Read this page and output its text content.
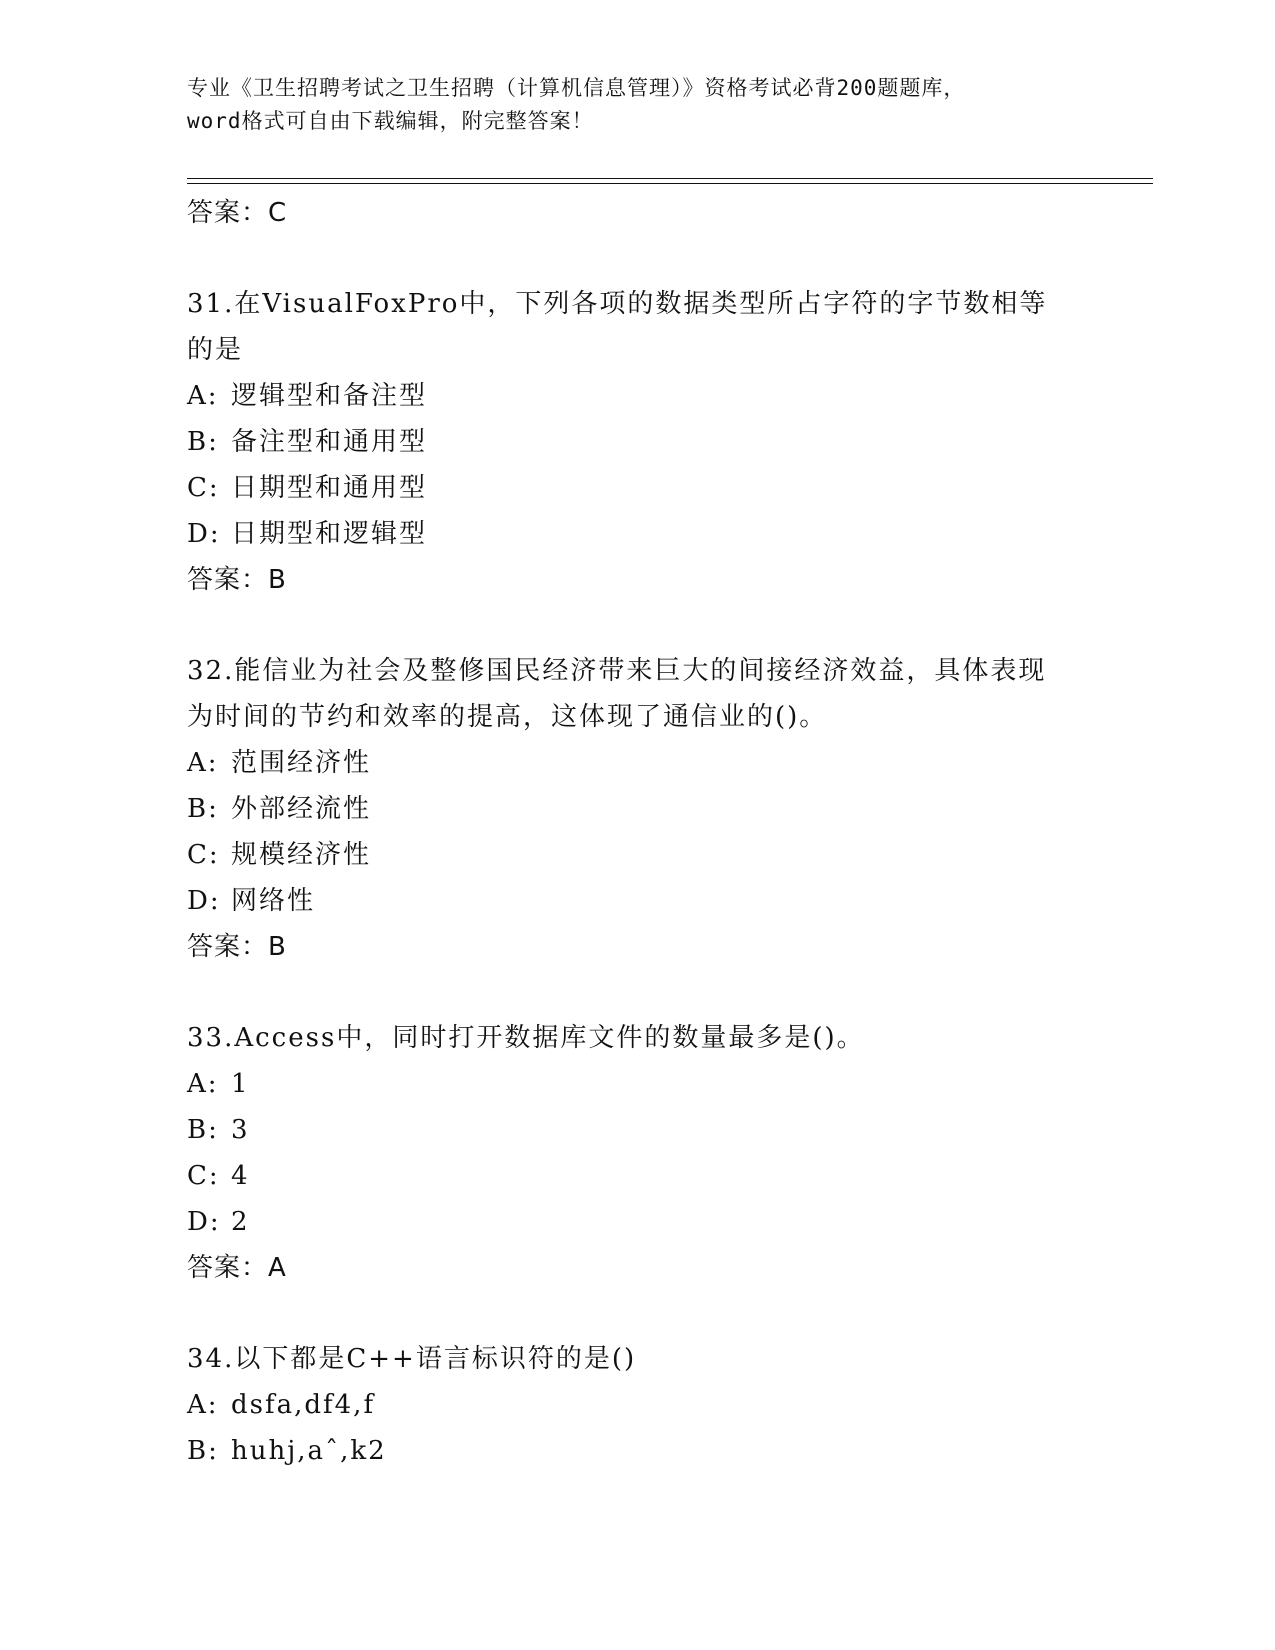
专业《卫生招聘考试之卫生招聘（计算机信息管理）》资格考试必背200题题库，
word格式可自由下载编辑，附完整答案！
答案：C
31.在VisualFoxPro中，下列各项的数据类型所占字符的字节数相等
的是
A: 逻辑型和备注型
B: 备注型和通用型
C: 日期型和通用型
D: 日期型和逻辑型
答案：B
32.能信业为社会及整修国民经济带来巨大的间接经济效益，具体表现
为时间的节约和效率的提高，这体现了通信业的()。
A: 范围经济性
B: 外部经流性
C: 规模经济性
D: 网络性
答案：B
33.Access中，同时打开数据库文件的数量最多是()。
A: 1
B: 3
C: 4
D: 2
答案：A
34.以下都是C++语言标识符的是()
A: dsfa,df4,f
B: huhj,aˆ,k2
